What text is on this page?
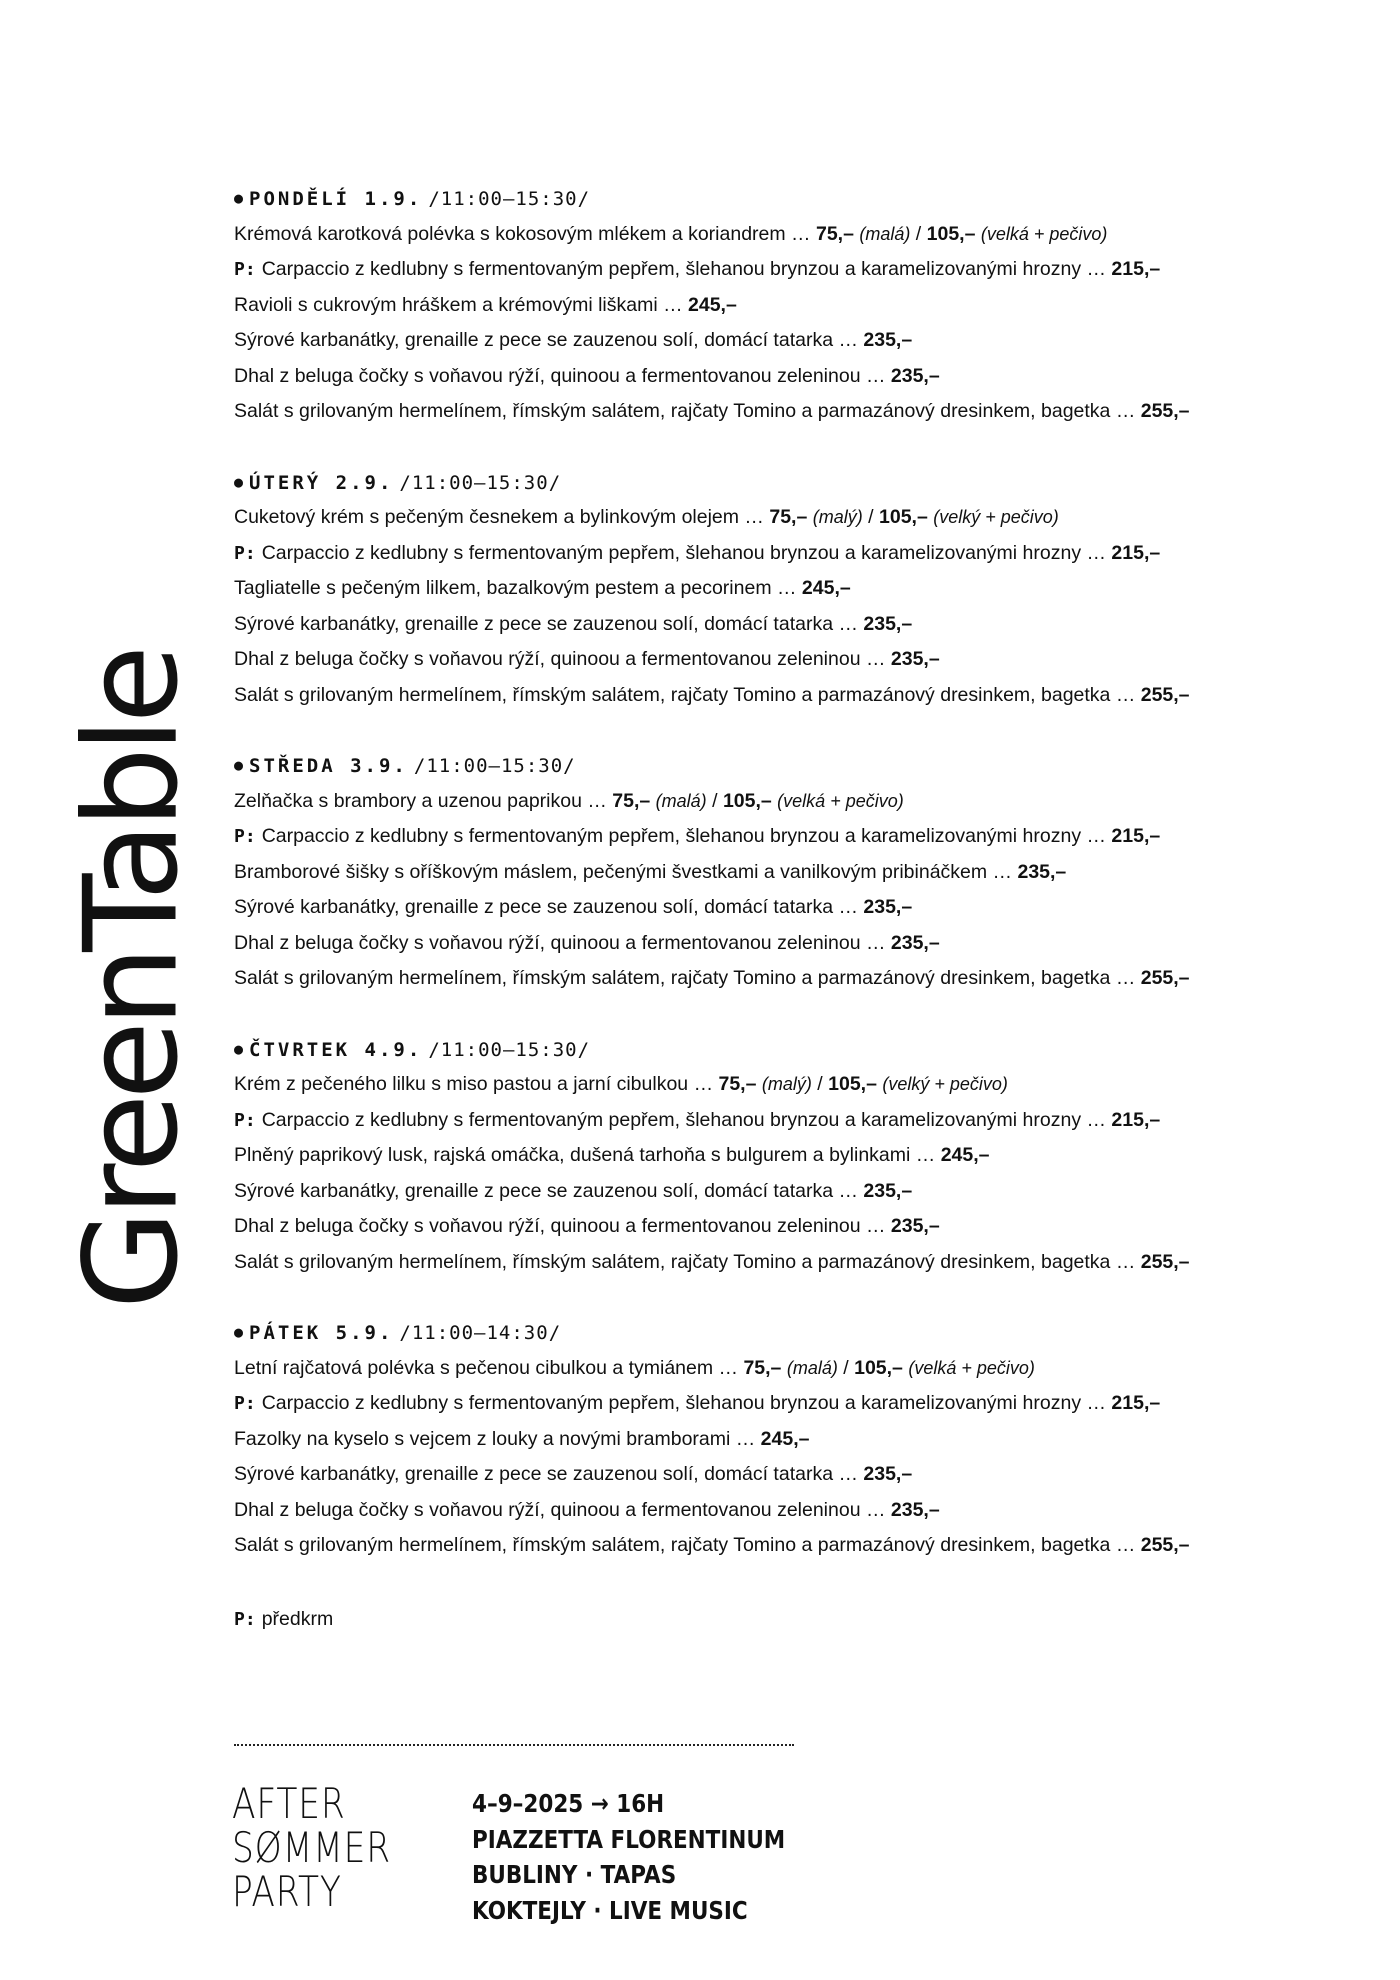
GreenTable
● PONDĚLÍ 1.9. /11:00–15:30/
Krémová karotková polévka s kokosovým mlékem a koriandrem … 75,– (malá) / 105,– (velká + pečivo)
P: Carpaccio z kedlubny s fermentovaným pepřem, šlehanou brynzou a karamelizovanými hrozny … 215,–
Ravioli s cukrovým hráškem a krémovými liškami … 245,–
Sýrové karbanátky, grenaille z pece se zauzenou solí, domácí tatarka … 235,–
Dhal z beluga čočky s voňavou rýží, quinoou a fermentovanou zeleninou … 235,–
Salát s grilovaným hermelínem, římským salátem, rajčaty Tomino a parmazánový dresinkem, bagetka … 255,–
● ÚTERÝ 2.9. /11:00–15:30/
Cuketový krém s pečeným česnekem a bylinkovým olejem … 75,– (malý) / 105,– (velký + pečivo)
P: Carpaccio z kedlubny s fermentovaným pepřem, šlehanou brynzou a karamelizovanými hrozny … 215,–
Tagliatelle s pečeným lilkem, bazalkovým pestem a pecorinem … 245,–
Sýrové karbanátky, grenaille z pece se zauzenou solí, domácí tatarka … 235,–
Dhal z beluga čočky s voňavou rýží, quinoou a fermentovanou zeleninou … 235,–
Salát s grilovaným hermelínem, římským salátem, rajčaty Tomino a parmazánový dresinkem, bagetka … 255,–
● STŘEDA 3.9. /11:00–15:30/
Zelňačka s brambory a uzenou paprikou … 75,– (malá) / 105,– (velká + pečivo)
P: Carpaccio z kedlubny s fermentovaným pepřem, šlehanou brynzou a karamelizovanými hrozny … 215,–
Bramborové šišky s oříškovým máslem, pečenými švestkami a vanilkovým pribináčkem … 235,–
Sýrové karbanátky, grenaille z pece se zauzenou solí, domácí tatarka … 235,–
Dhal z beluga čočky s voňavou rýží, quinoou a fermentovanou zeleninou … 235,–
Salát s grilovaným hermelínem, římským salátem, rajčaty Tomino a parmazánový dresinkem, bagetka … 255,–
● ČTVRTEK 4.9. /11:00–15:30/
Krém z pečeného lilku s miso pastou a jarní cibulkou … 75,– (malý) / 105,– (velký + pečivo)
P: Carpaccio z kedlubny s fermentovaným pepřem, šlehanou brynzou a karamelizovanými hrozny … 215,–
Plněný paprikový lusk, rajská omáčka, dušená tarhoňa s bulgurem a bylinkami … 245,–
Sýrové karbanátky, grenaille z pece se zauzenou solí, domácí tatarka … 235,–
Dhal z beluga čočky s voňavou rýží, quinoou a fermentovanou zeleninou … 235,–
Salát s grilovaným hermelínem, římským salátem, rajčaty Tomino a parmazánový dresinkem, bagetka … 255,–
● PÁTEK 5.9. /11:00–14:30/
Letní rajčatová polévka s pečenou cibulkou a tymiánem … 75,– (malá) / 105,– (velká + pečivo)
P: Carpaccio z kedlubny s fermentovaným pepřem, šlehanou brynzou a karamelizovanými hrozny … 215,–
Fazolky na kyselo s vejcem z louky a novými bramborami … 245,–
Sýrové karbanátky, grenaille z pece se zauzenou solí, domácí tatarka … 235,–
Dhal z beluga čočky s voňavou rýží, quinoou a fermentovanou zeleninou … 235,–
Salát s grilovaným hermelínem, římským salátem, rajčaty Tomino a parmazánový dresinkem, bagetka … 255,–
P: předkrm
AFTER
SØMMER
PARTY
4–9–2025 → 16H
PIAZZETTA FLORENTINUM
BUBLINY · TAPAS
KOKTEJLY · LIVE MUSIC
